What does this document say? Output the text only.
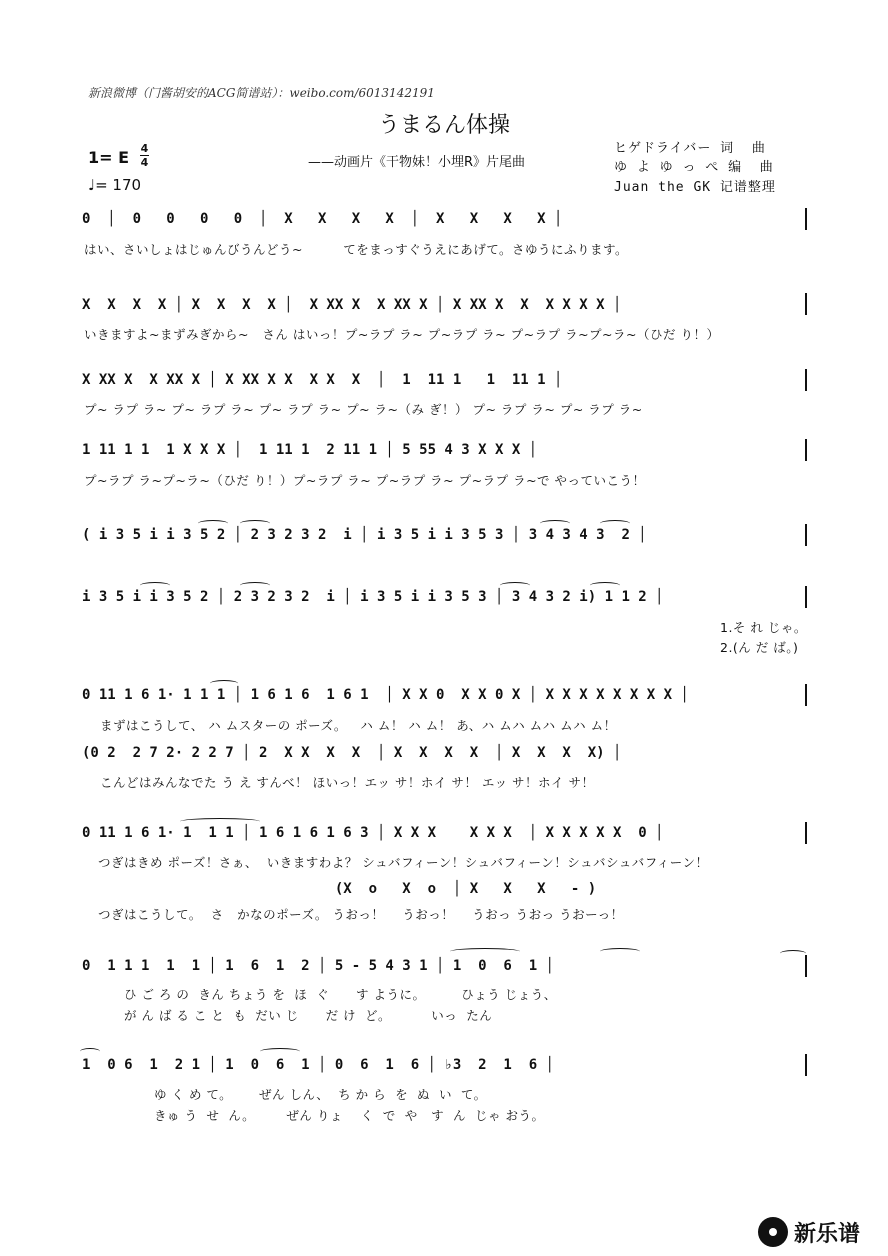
新浪微博（门酱胡安的ACG简谱站）：weibo.com/6013142191
うまるん体操
1= E 4
4
♩= 170
——动画片《干物妹！小埋R》片尾曲
ヒゲドライバー 词  曲
ゆ よ ゆ っ ぺ 编  曲
Juan the GK 记谱整理
0  │  0   0   0   0  │  X   X   X   X  │  X   X   X   X │
はい、さいしょはじゅんびうんどう~         てをまっすぐうえにあげて。さゆうにふります。
X  X  X  X │ X  X  X  X │  X XX X  X XX X │ X XX X  X  X X X X │
いきますよ~まずみぎから~   さん はいっ！プ~ラプ ラ~ プ~ラプ ラ~ プ~ラプ ラ~プ~ラ~（ひだ り！）
X XX X  X XX X │ X XX X X  X X  X  │  1  11 1   1  11 1 │
プ~ ラプ ラ~ プ~ ラプ ラ~ プ~ ラプ ラ~ プ~ ラ~（み ぎ！） プ~ ラプ ラ~ プ~ ラプ ラ~
1 11 1 1  1 X X X │  1 11 1  2 11 1 │ 5 55 4 3 X X X │
プ~ラプ ラ~プ~ラ~（ひだ り！）プ~ラプ ラ~ プ~ラプ ラ~ プ~ラプ ラ~で やっていこう！
( i 3 5 i i 3 5 2 │ 2 3 2 3 2  i │ i 3 5 i i 3 5 3 │ 3 4 3 4 3  2 │
i 3 5 i i 3 5 2 │ 2 3 2 3 2  i │ i 3 5 i i 3 5 3 │ 3 4 3 2 i) 1 1 2 │
1.そ れ じゃ。
2.(ん だ ば。)
0 11 1 6 1· 1 1 1 │ 1 6 1 6  1 6 1  │ X X 0  X X 0 X │ X X X X X X X X │
まずはこうして、 ハ ムスターの ポーズ。   ハ ム！ ハ ム！ あ、ハ ムハ ムハ ムハ ム！
(0 2  2 7 2· 2 2 7 │ 2  X X  X  X  │ X  X  X  X  │ X  X  X  X) │
こんどはみんなでた う え すんべ！ ほいっ！エッ サ！ホイ サ！ エッ サ！ホイ サ！
0 11 1 6 1· 1  1 1 │ 1 6 1 6 1 6 3 │ X X X    X X X  │ X X X X X  0 │
つぎはきめ ポーズ！さぁ、  いきますわよ？ シュバフィーン！シュバフィーン！シュバシュバフィーン！
(X  o   X  o  │ X   X   X   - )
つぎはこうして。  さ   かなのポーズ。 うおっ！    うおっ！    うおっ うおっ うおーっ！
0  1 1 1  1  1 │ 1  6  1  2 │ 5 - 5 4 3 1 │ 1  0  6  1 │
ひ ご ろ の  きん ちょう を  ほ  ぐ      す ように。        ひょう じょう、
が ん ば る こ と  も  だい じ      だ け  ど。         いっ  たん
1  0 6  1  2 1 │ 1  0  6  1 │ 0  6  1  6 │ ♭3  2  1  6 │
ゆ く め て。      ぜん しん、  ち か ら  を  ぬ  い  て。
きゅ う  せ  ん。       ぜん りょ    く  で  や   す  ん  じゃ おう。
新乐谱
